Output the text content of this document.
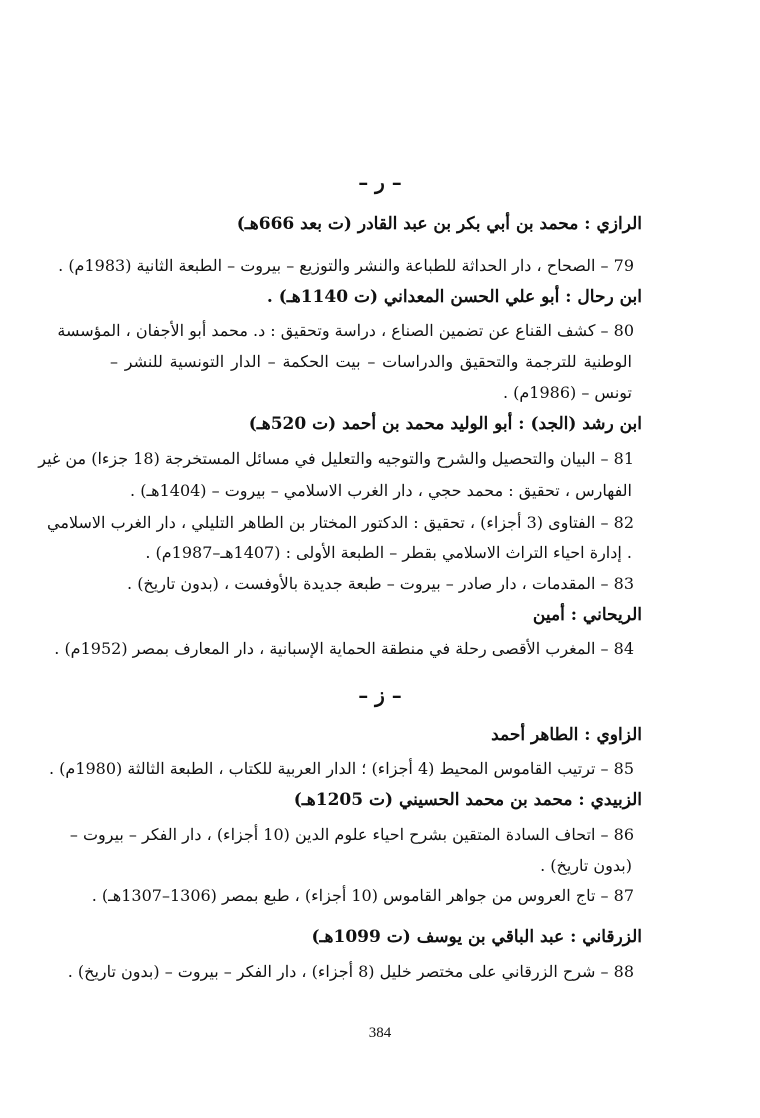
– ر –
الرازي : محمد بن أبي بكر بن عبد القادر (ت بعد 666هـ)
79 – الصحاح ، دار الحداثة للطباعة والنشر والتوزيع – بيروت – الطبعة الثانية (1983م) .
ابن رحال : أبو علي الحسن المعداني (ت 1140هـ) .
80 – كشف القناع عن تضمين الصناع ، دراسة وتحقيق : د. محمد أبو الأجفان ، المؤسسة
الوطنية للترجمة والتحقيق والدراسات – بيت الحكمة – الدار التونسية للنشر –
تونس – (1986م) .
ابن رشد (الجد) : أبو الوليد محمد بن أحمد (ت 520هـ)
81 – البيان والتحصيل والشرح والتوجيه والتعليل في مسائل المستخرجة (18 جزءا) من غير
الفهارس ، تحقيق : محمد حجي ، دار الغرب الاسلامي – بيروت – (1404هـ) .
82 – الفتاوى (3 أجزاء) ، تحقيق : الدكتور المختار بن الطاهر التليلي ، دار الغرب الاسلامي
. إدارة احياء التراث الاسلامي بقطر – الطبعة الأولى : (1407هـ–1987م) .
83 – المقدمات ، دار صادر – بيروت – طبعة جديدة بالأوفست ، (بدون تاريخ) .
الريحاني : أمين
84 – المغرب الأقصى رحلة في منطقة الحماية الإسبانية ، دار المعارف بمصر (1952م) .
– ز –
الزاوي : الطاهر أحمد
85 – ترتيب القاموس المحيط (4 أجزاء) ؛ الدار العربية للكتاب ، الطبعة الثالثة (1980م) .
الزبيدي : محمد بن محمد الحسيني (ت 1205هـ)
86 – اتحاف السادة المتقين بشرح احياء علوم الدين (10 أجزاء) ، دار الفكر – بيروت –
(بدون تاريخ) .
87 – تاج العروس من جواهر القاموس (10 أجزاء) ، طبع بمصر (1306–1307هـ) .
الزرقاني : عبد الباقي بن يوسف (ت 1099هـ)
88 – شرح الزرقاني على مختصر خليل (8 أجزاء) ، دار الفكر – بيروت – (بدون تاريخ) .
384
